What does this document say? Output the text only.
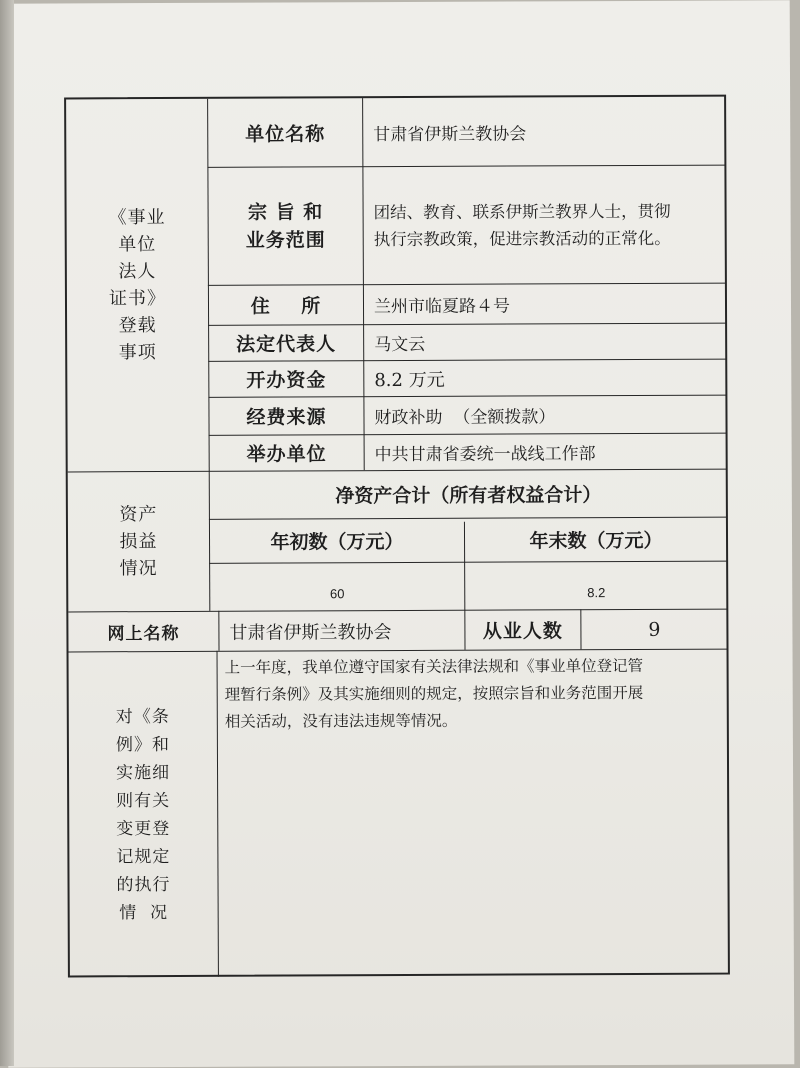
《事业
单位
法人
证书》
登载
事项
单位名称	甘肃省伊斯兰教协会
宗 旨 和
业务范围
团结、教育、联系伊斯兰教界人士，贯彻
执行宗教政策，促进宗教活动的正常化。
住    所	兰州市临夏路４号
法定代表人	马文云
开办资金	8.2 万元
经费来源	财政补助  （全额拨款）
举办单位	中共甘肃省委统一战线工作部
资产
损益
情况
净资产合计（所有者权益合计）
年初数（万元）	年末数（万元）
60	8.2
网上名称	甘肃省伊斯兰教协会	从业人数	9
对《条
例》和
实施细
则有关
变更登
记规定
的执行
情  况
上一年度，我单位遵守国家有关法律法规和《事业单位登记管
理暂行条例》及其实施细则的规定，按照宗旨和业务范围开展
相关活动，没有违法违规等情况。
